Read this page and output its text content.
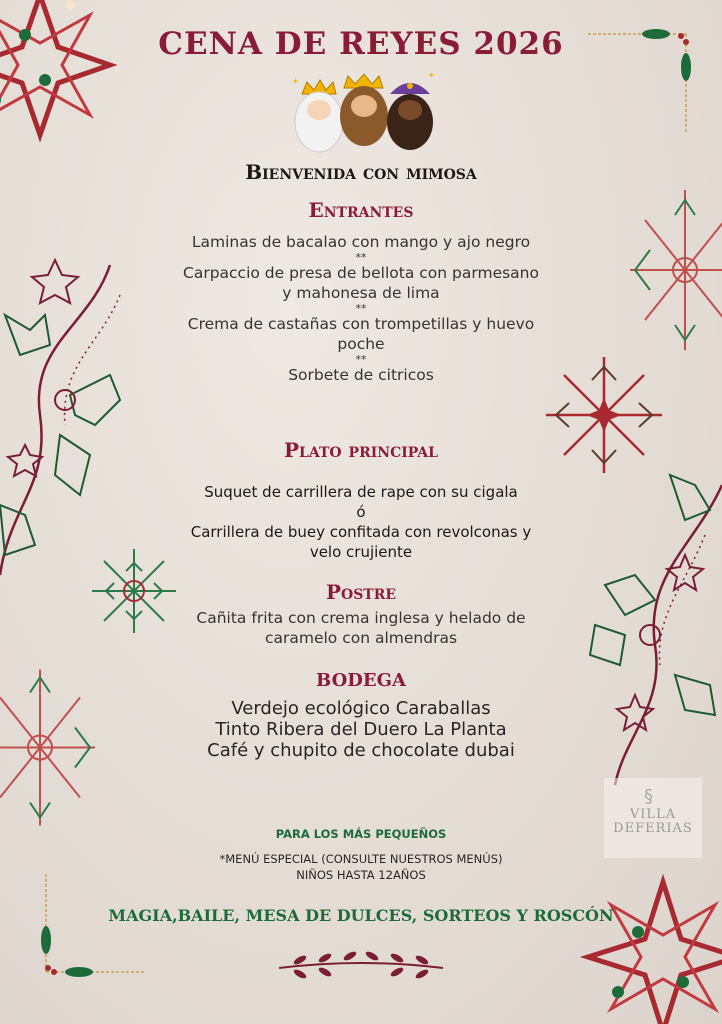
CENA DE REYES 2026
✦
✦
Bienvenida con mimosa
Entrantes
Laminas de bacalao con mango y ajo negro
**
Carpaccio de presa de bellota con parmesano
y mahonesa de lima
**
Crema de castañas con trompetillas y huevo
poche
**
Sorbete de citricos
Plato principal
Suquet de carrillera de rape con su cigala
ó
Carrillera de buey confitada con revolconas y
velo crujiente
Postre
Cañita frita con crema inglesa y helado de
caramelo con almendras
BODEGA
Verdejo ecológico Caraballas
Tinto Ribera del Duero La Planta
Café y chupito de chocolate dubai
PARA LOS MÁS PEQUEÑOS
*MENÚ ESPECIAL (CONSULTE NUESTROS MENÚS)
NIÑOS HASTA 12AÑOS
MAGIA,BAILE, MESA DE DULCES, SORTEOS Y ROSCÓN
§
VILLA
DEFERIAS
